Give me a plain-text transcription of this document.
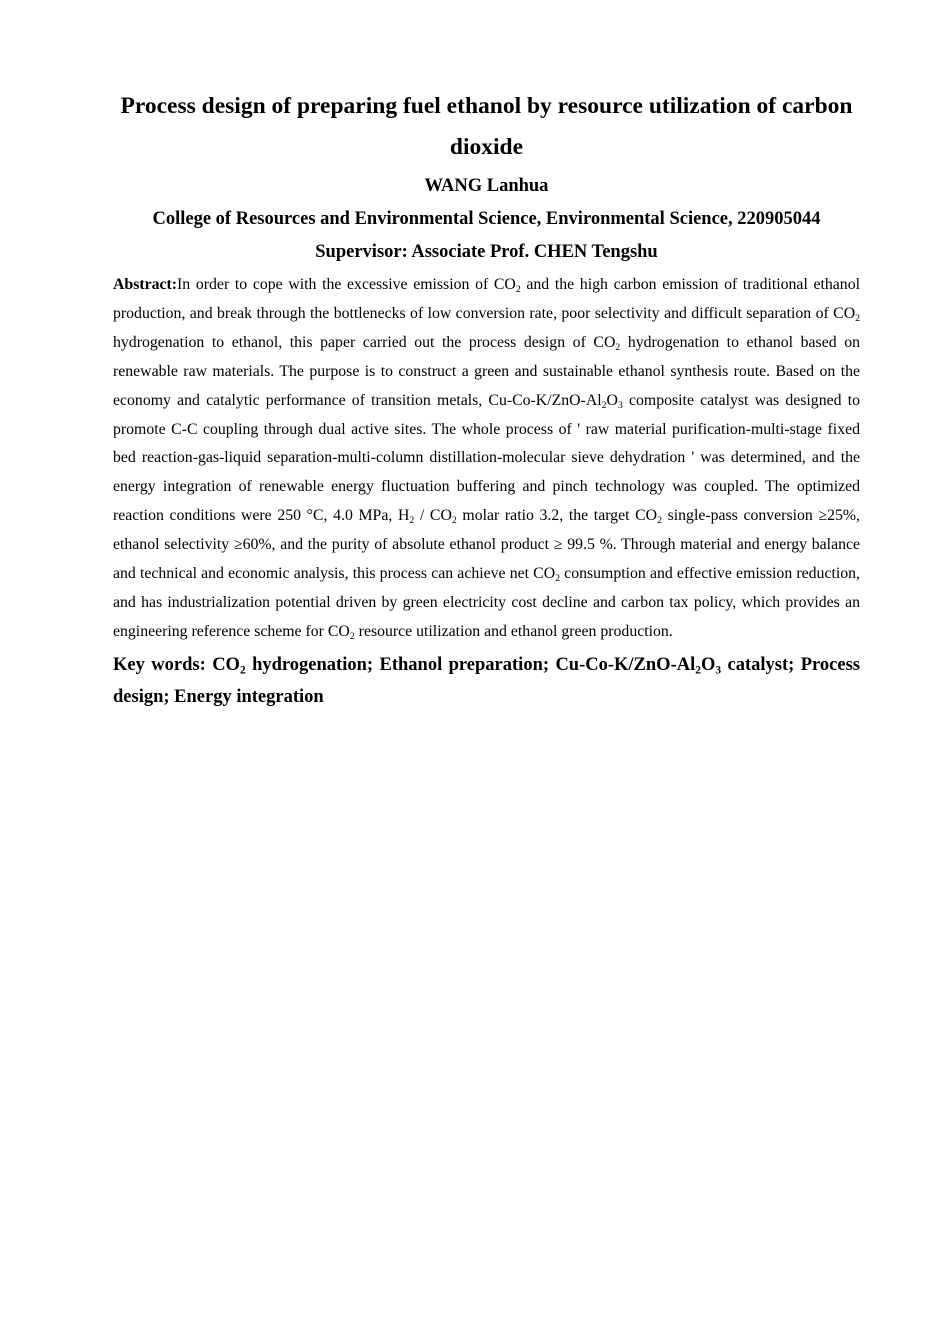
Process design of preparing fuel ethanol by resource utilization of carbon dioxide

WANG Lanhua

College of Resources and Environmental Science, Environmental Science, 220905044

Supervisor: Associate Prof. CHEN Tengshu

Abstract:In order to cope with the excessive emission of $CO_2$ and the high carbon emission of traditional ethanol production, and break through the bottlenecks of low conversion rate, poor selectivity and difficult separation of $CO_2$ hydrogenation to ethanol, this paper carried out the process design of $CO_2$ hydrogenation to ethanol based on renewable raw materials. The purpose is to construct a green and sustainable ethanol synthesis route. Based on the economy and catalytic performance of transition metals, $Cu-Co-K/ZnO-Al_2O_3$ composite catalyst was designed to promote C-C coupling through dual active sites. The whole process of ' raw material purification-multi-stage fixed bed reaction-gas-liquid separation-multi-column distillation-molecular sieve dehydration ' was determined, and the energy integration of renewable energy fluctuation buffering and pinch technology was coupled. The optimized reaction conditions were 250 °C, 4.0 MPa, $H_2 / CO_2$ molar ratio 3.2, the target $CO_2$ single-pass conversion ≥25%, ethanol selectivity ≥60%, and the purity of absolute ethanol product ≥ 99.5 %. Through material and energy balance and technical and economic analysis, this process can achieve net $CO_2$ consumption and effective emission reduction, and has industrialization potential driven by green electricity cost decline and carbon tax policy, which provides an engineering reference scheme for $CO_2$ resource utilization and ethanol green production.

Key words: $CO_2$ hydrogenation; Ethanol preparation; $Cu-Co-K/ZnO-Al_2O_3$ catalyst; Process design; Energy integration
